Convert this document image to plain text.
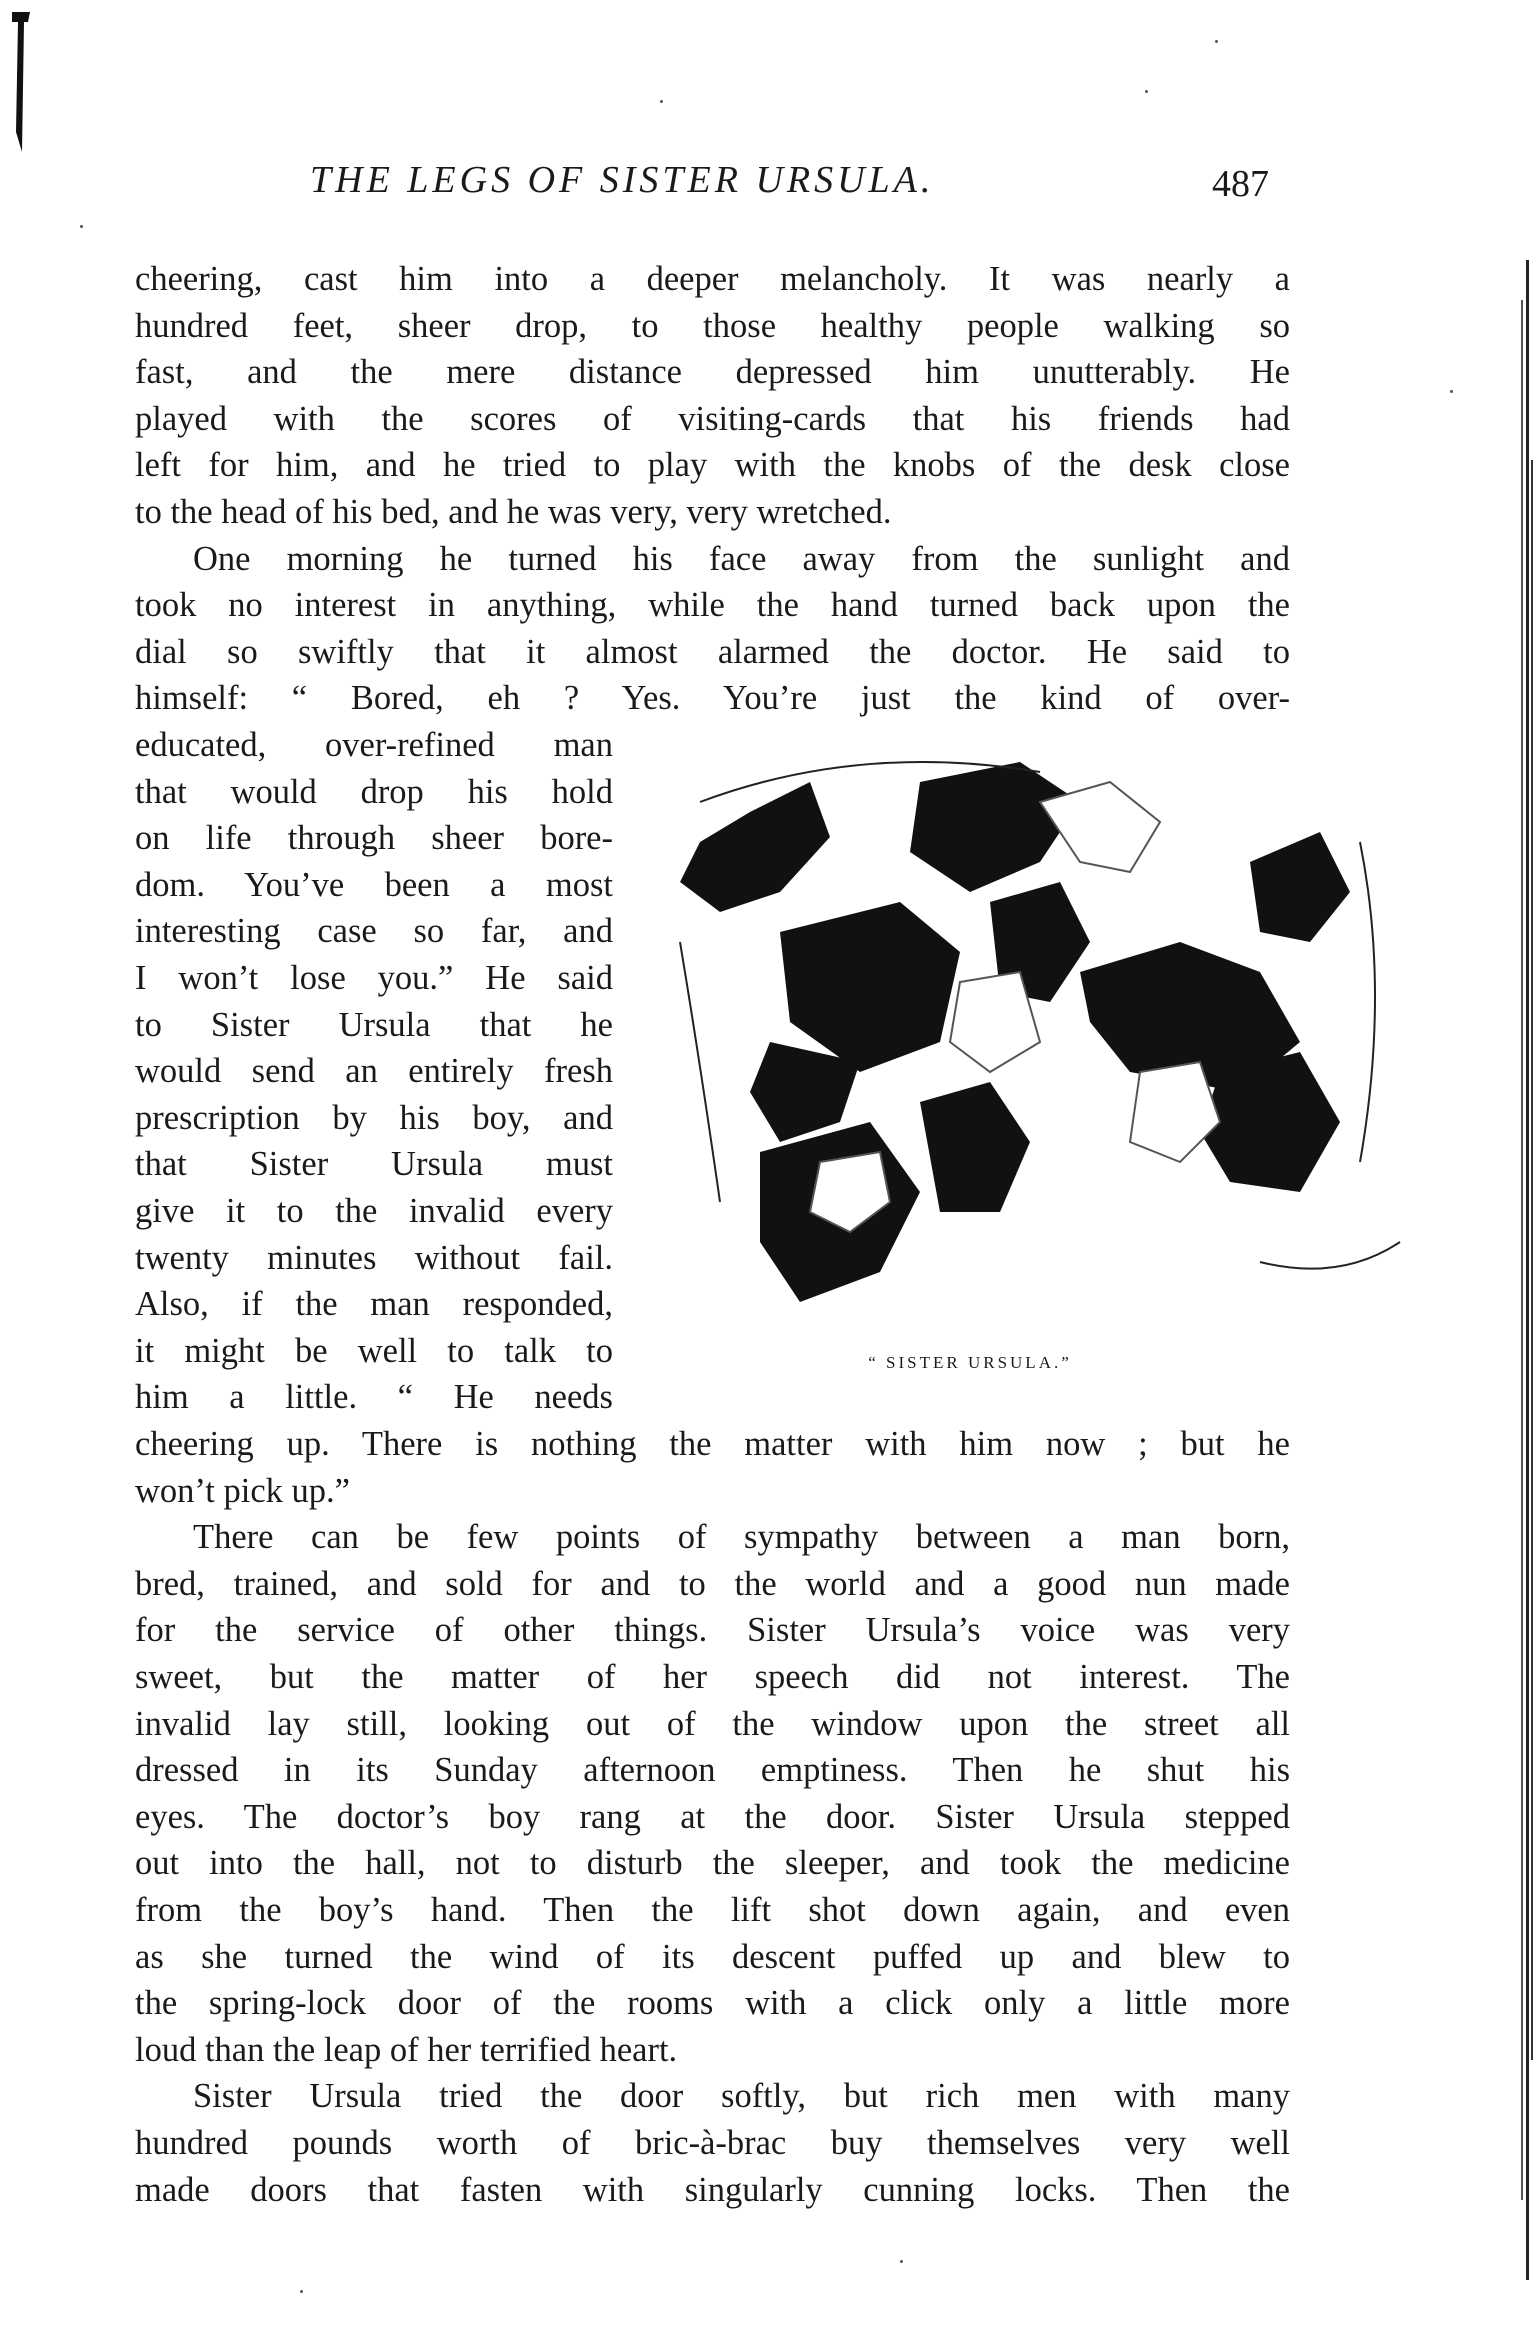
THE LEGS OF SISTER URSULA.	487
cheering, cast him into a deeper melancholy. It was nearly a
hundred feet, sheer drop, to those healthy people walking so
fast, and the mere distance depressed him unutterably. He
played with the scores of visiting-cards that his friends had
left for him, and he tried to play with the knobs of the desk close
to the head of his bed, and he was very, very wretched.
One morning he turned his face away from the sunlight and
took no interest in anything, while the hand turned back upon the
dial so swiftly that it almost alarmed the doctor. He said to
himself: “ Bored, eh ? Yes. You’re just the kind of over-
educated, over-refined man
that would drop his hold
on life through sheer bore-
dom. You’ve been a most
interesting case so far, and
I won’t lose you.” He said
to Sister Ursula that he
would send an entirely fresh
prescription by his boy, and
that Sister Ursula must
give it to the invalid every
twenty minutes without fail.
Also, if the man responded,
it might be well to talk to
him a little. “ He needs
“ SISTER URSULA.”
cheering up. There is nothing the matter with him now ; but he
won’t pick up.”
There can be few points of sympathy between a man born,
bred, trained, and sold for and to the world and a good nun made
for the service of other things. Sister Ursula’s voice was very
sweet, but the matter of her speech did not interest. The
invalid lay still, looking out of the window upon the street all
dressed in its Sunday afternoon emptiness. Then he shut his
eyes. The doctor’s boy rang at the door. Sister Ursula stepped
out into the hall, not to disturb the sleeper, and took the medicine
from the boy’s hand. Then the lift shot down again, and even
as she turned the wind of its descent puffed up and blew to
the spring-lock door of the rooms with a click only a little more
loud than the leap of her terrified heart.
Sister Ursula tried the door softly, but rich men with many
hundred pounds worth of bric-à-brac buy themselves very well
made doors that fasten with singularly cunning locks. Then the
